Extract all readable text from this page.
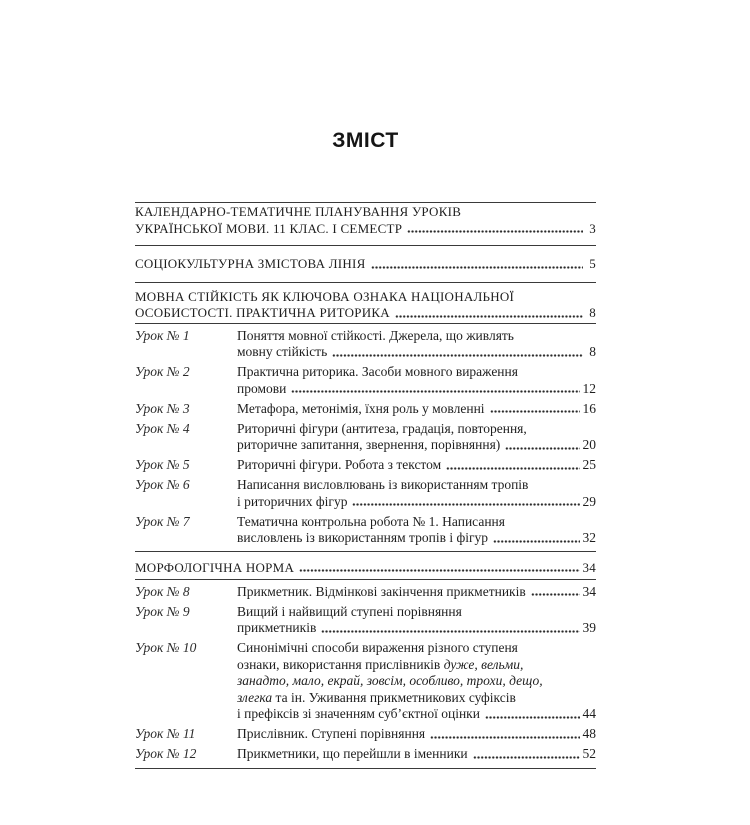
ЗМІСТ
КАЛЕНДАРНО-ТЕМАТИЧНЕ ПЛАНУВАННЯ УРОКІВ
УКРАЇНСЬКОЇ МОВИ. 11 КЛАС. I СЕМЕСТР	3
СОЦІОКУЛЬТУРНА ЗМІСТОВА ЛІНІЯ	5
МОВНА СТІЙКІСТЬ ЯК КЛЮЧОВА ОЗНАКА НАЦІОНАЛЬНОЇ
ОСОБИСТОСТІ. ПРАКТИЧНА РИТОРИКА	8
Урок № 1	Поняття мовної стійкості. Джерела, що живлять
мовну стійкість	8
Урок № 2	Практична риторика. Засоби мовного вираження
промови	12
Урок № 3	Метафора, метонімія, їхня роль у мовленні	16
Урок № 4	Риторичні фігури (антитеза, градація, повторення,
риторичне запитання, звернення, порівняння)	20
Урок № 5	Риторичні фігури. Робота з текстом	25
Урок № 6	Написання висловлювань із використанням тропів
і риторичних фігур	29
Урок № 7	Тематична контрольна робота № 1. Написання
висловлень із використанням тропів і фігур	32
МОРФОЛОГІЧНА НОРМА	34
Урок № 8	Прикметник. Відмінкові закінчення прикметників	34
Урок № 9	Вищий і найвищий ступені порівняння
прикметників	39
Урок № 10	Синонімічні способи вираження різного ступеня
ознаки, використання прислівників дуже, вельми,
занадто, мало, екрай, зовсім, особливо, трохи, дещо,
злегка та ін. Уживання прикметникових суфіксів
і префіксів зі значенням суб’єктної оцінки	44
Урок № 11	Прислівник. Ступені порівняння	48
Урок № 12	Прикметники, що перейшли в іменники	52
